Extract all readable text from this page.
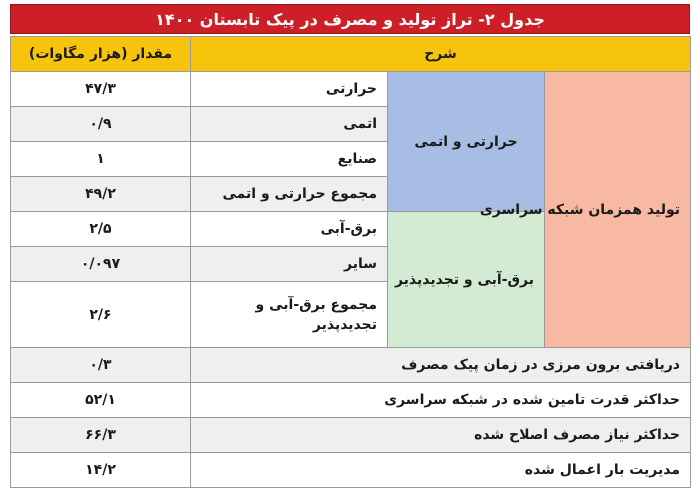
جدول ۲- تراز تولید و مصرف در پیک تابستان ۱۴۰۰
شرح			مقدار (هزار مگاوات)
تولید همزمان شبکه سراسری	حرارتی و اتمی	حرارتی	۴۷/۳
		اتمی	۰/۹
		صنایع	۱
		مجموع حرارتی و اتمی	۴۹/۲
	برق-آبی و تجدیدپذیر	برق-آبی	۲/۵
		سایر	۰/۰۹۷
		مجموع برق-آبی و تجدیدپذیر	۲/۶
دریافتی برون مرزی در زمان پیک مصرف			۰/۳
حداکثر قدرت تامین شده در شبکه سراسری			۵۲/۱
حداکثر نیاز مصرف اصلاح شده			۶۶/۳
مدیریت بار اعمال شده			۱۴/۲
